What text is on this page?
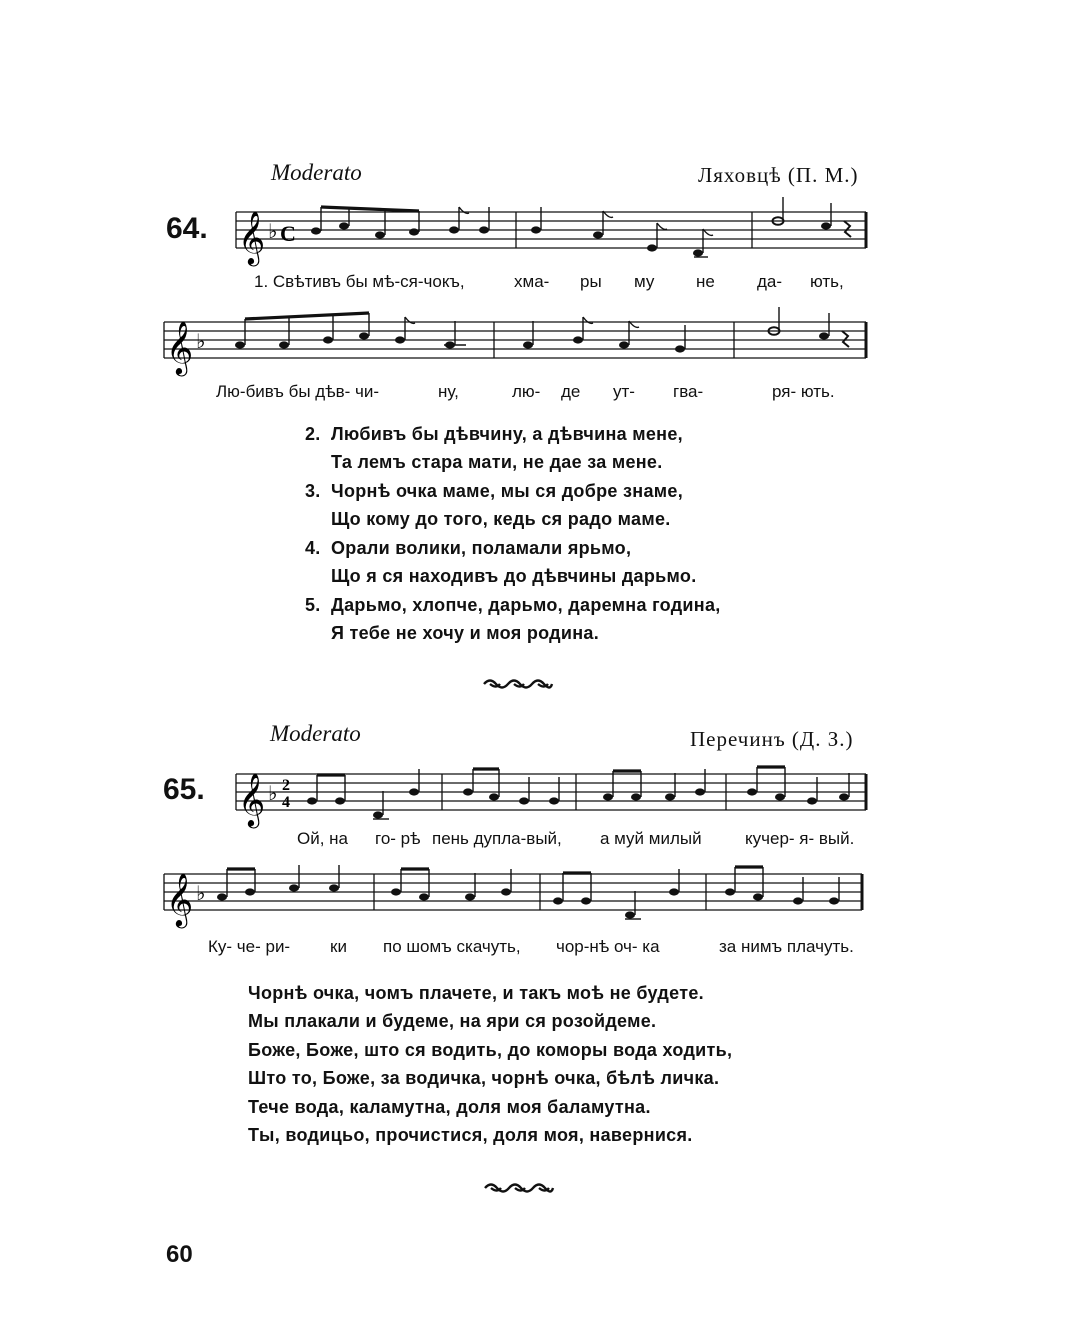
Moderato	Ляховцѣ (П. М.)
64. 𝄞 ♭ C
1. Свѣтивъ бы мѣ-ся-чокъ,	хма- ры му не да- ють,
𝄞 ♭
Лю-бивъ бы дѣв- чи-	ну,	лю- де ут- гва-	ря- ють.
2. Любивъ бы дѣвчину, а дѣвчина мене,
Та лемъ стара мати, не дае за мене.
3. Чорнѣ очка маме, мы ся добре знаме,
Що кому до того, кедь ся радо маме.
4. Орали волики, поламали ярьмо,
Що я ся находивъ до дѣвчины дарьмо.
5. Дарьмо, хлопче, дарьмо, даремна година,
Я тебе не хочу и моя родина.
Moderato	Перечинъ (Д. З.)
65. 𝄞 ♭ 2
4
Ой, на го- рѣ пень дупла-вый, а муй милый	кучер- я- вый.
𝄞 ♭
Ку- че- ри- ки по шомъ скачуть, чор-нѣ оч- ка	за нимъ плачуть.
Чорнѣ очка, чомъ плачете, и такъ моѣ не будете.
Мы плакали и будеме, на яри ся розойдеме.
Боже, Боже, што ся водить, до коморы вода ходить,
Што то, Боже, за водичка, чорнѣ очка, бѣлѣ личка.
Тече вода, каламутна, доля моя баламутна.
Ты, водицьо, прочистися, доля моя, навернися.
60
